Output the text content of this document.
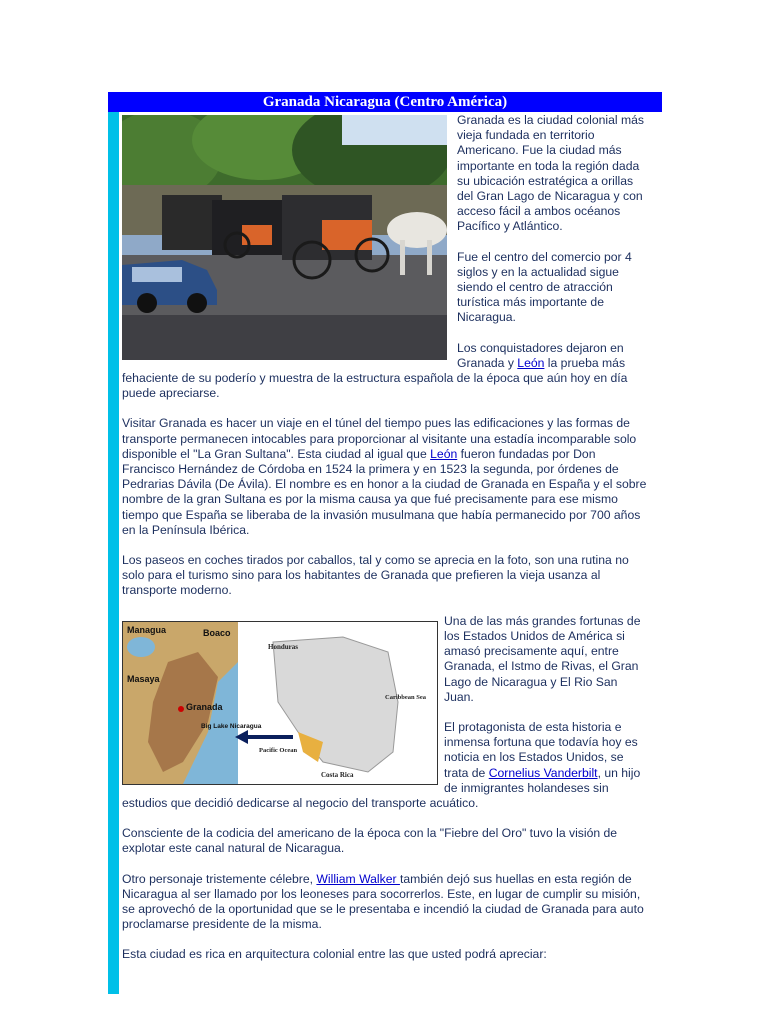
Granada Nicaragua (Centro América)

Granada es la ciudad colonial más vieja fundada en territorio Americano. Fue la ciudad más importante en toda la región dada su ubicación estratégica a orillas del Gran Lago de Nicaragua y con acceso fácil a ambos océanos Pacífico y Atlántico.

Fue el centro del comercio por 4 siglos y en la actualidad sigue siendo el centro de atracción turística más importante de Nicaragua.

Los conquistadores dejaron en Granada y León la prueba más fehaciente de su poderío y muestra de la estructura española de la época que aún hoy en día puede apreciarse.

Visitar Granada es hacer un viaje en el túnel del tiempo pues las edificaciones y las formas de transporte permanecen intocables para proporcionar al visitante una estadía incomparable solo disponible el "La Gran Sultana". Esta ciudad al igual que León fueron fundadas por Don Francisco Hernández de Córdoba en 1524 la primera y en 1523 la segunda, por órdenes de Pedrarias Dávila (De Ávila). El nombre es en honor a la ciudad de Granada en España y el sobre nombre de la gran Sultana es por la misma causa ya que fué precisamente para ese mismo tiempo que España se liberaba de la invasión musulmana que había permanecido por 700 años en la Península Ibérica.

Los paseos en coches tirados por caballos, tal y como se aprecia en la foto, son una rutina no solo para el turismo sino para los habitantes de Granada que prefieren la vieja usanza al transporte moderno.

Managua	Boaco
Masaya
Granada
Big Lake Nicaragua
Honduras
Caribbean Sea
Pacific Ocean
Costa Rica

Una de las más grandes fortunas de los Estados Unidos de América si amasó precisamente aquí, entre Granada, el Istmo de Rivas, el Gran Lago de Nicaragua y El Rio San Juan.

El protagonista de esta historia e inmensa fortuna que todavía hoy es noticia en los Estados Unidos, se trata de Cornelius Vanderbilt, un hijo de inmigrantes holandeses sin estudios que decidió dedicarse al negocio del transporte acuático.

Consciente de la codicia del americano de la época con la "Fiebre del Oro" tuvo la visión de explotar este canal natural de Nicaragua.

Otro personaje tristemente célebre, William Walker también dejó sus huellas en esta región de Nicaragua al ser llamado por los leoneses para socorrerlos. Este, en lugar de cumplir su misión, se aprovechó de la oportunidad que se le presentaba e incendió la ciudad de Granada para auto proclamarse presidente de la misma.

Esta ciudad es rica en arquitectura colonial entre las que usted podrá apreciar:
